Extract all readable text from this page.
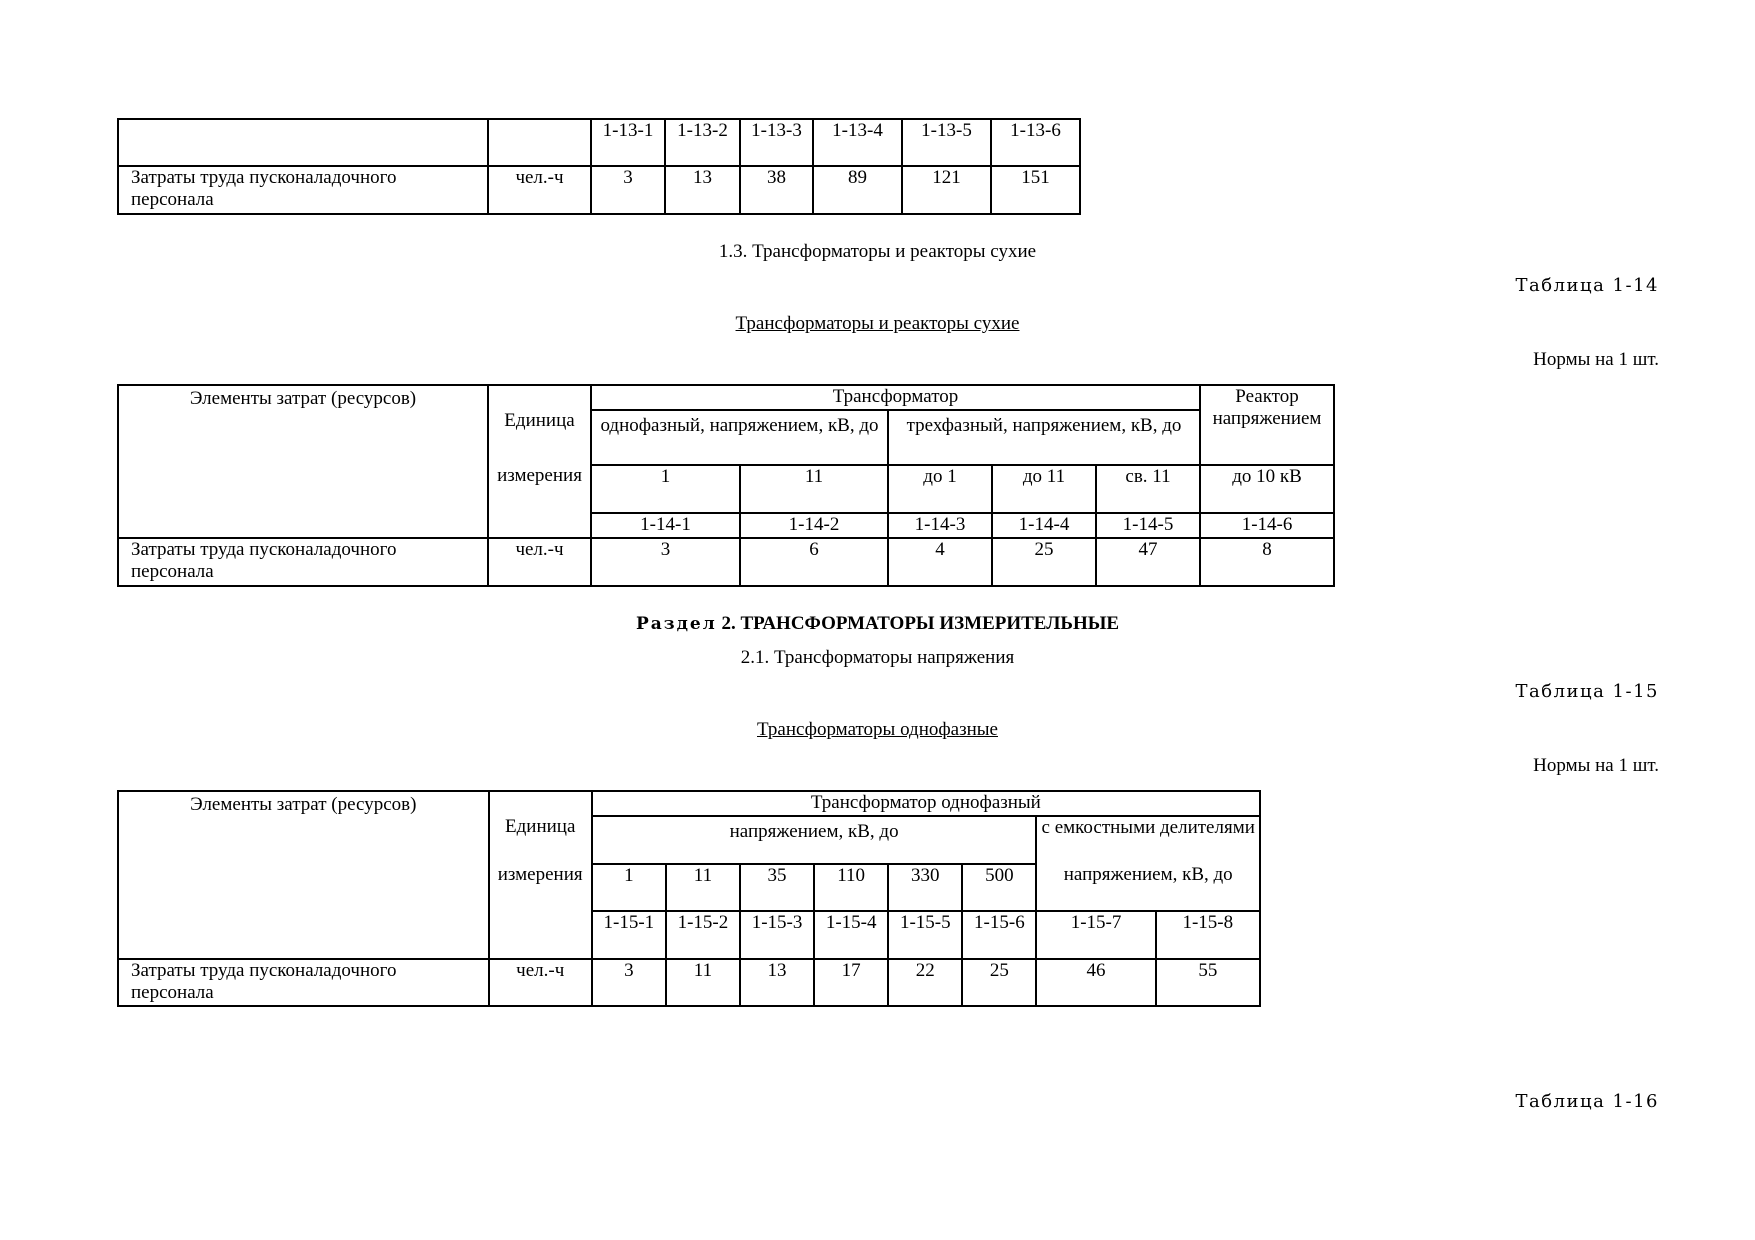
		1-13-1	1-13-2	1-13-3	1-13-4	1-13-5	1-13-6
Затраты труда пусконаладочного персонала	чел.-ч	3	13	38	89	121	151
1.3. Трансформаторы и реакторы сухие
Таблица 1-14
Трансформаторы и реакторы сухие
Нормы на 1 шт.
Элементы затрат (ресурсов)	Единица	Трансформатор					Реактор напряжением
		однофазный, напряжением, кВ, до		трехфазный, напряжением, кВ, до			
	измерения	1	11	до 1	до 11	св. 11	до 10 кВ
		1-14-1	1-14-2	1-14-3	1-14-4	1-14-5	1-14-6
Затраты труда пусконаладочного персонала	чел.-ч	3	6	4	25	47	8
Раздел 2. ТРАНСФОРМАТОРЫ ИЗМЕРИТЕЛЬНЫЕ
2.1. Трансформаторы напряжения
Таблица 1-15
Трансформаторы однофазные
Нормы на 1 шт.
Элементы затрат (ресурсов)	Единица	Трансформатор однофазный							
		напряжением, кВ, до						с емкостными делителями	
	измерения	1	11	35	110	330	500	напряжением, кВ, до	
		1-15-1	1-15-2	1-15-3	1-15-4	1-15-5	1-15-6	1-15-7	1-15-8
Затраты труда пусконаладочного персонала	чел.-ч	3	11	13	17	22	25	46	55
Таблица 1-16
